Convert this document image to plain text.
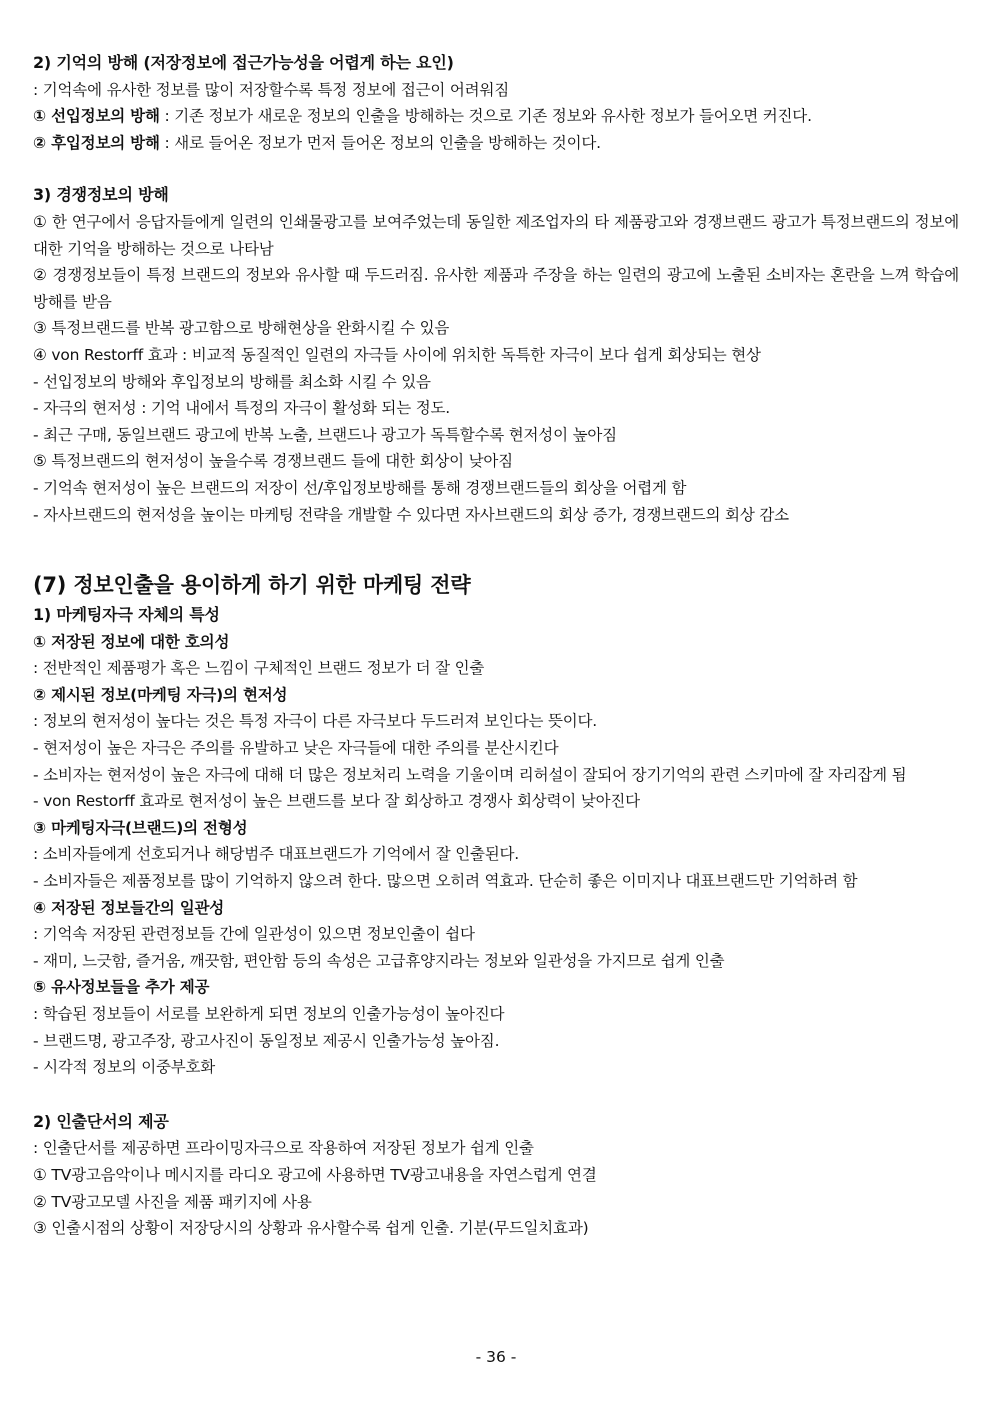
2) 기억의 방해 (저장정보에 접근가능성을 어렵게 하는 요인)

: 기억속에 유사한 정보를 많이 저장할수록 특정 정보에 접근이 어려워짐

① 선입정보의 방해 : 기존 정보가 새로운 정보의 인출을 방해하는 것으로 기존 정보와 유사한 정보가 들어오면 커진다.

② 후입정보의 방해 : 새로 들어온 정보가 먼저 들어온 정보의 인출을 방해하는 것이다.

3) 경쟁정보의 방해

① 한 연구에서 응답자들에게 일련의 인쇄물광고를 보여주었는데 동일한 제조업자의 타 제품광고와 경쟁브랜드 광고가 특정브랜드의 정보에 대한 기억을 방해하는 것으로 나타남

② 경쟁정보들이 특정 브랜드의 정보와 유사할 때 두드러짐. 유사한 제품과 주장을 하는 일련의 광고에 노출된 소비자는 혼란을 느껴 학습에 방해를 받음

③ 특정브랜드를 반복 광고함으로 방해현상을 완화시킬 수 있음

④ von Restorff 효과 : 비교적 동질적인 일련의 자극들 사이에 위치한 독특한 자극이 보다 쉽게 회상되는 현상

- 선입정보의 방해와 후입정보의 방해를 최소화 시킬 수 있음

- 자극의 현저성 : 기억 내에서 특정의 자극이 활성화 되는 정도.

- 최근 구매, 동일브랜드 광고에 반복 노출, 브랜드나 광고가 독특할수록 현저성이 높아짐

⑤ 특정브랜드의 현저성이 높을수록 경쟁브랜드 들에 대한 회상이 낮아짐

- 기억속 현저성이 높은 브랜드의 저장이 선/후입정보방해를 통해 경쟁브랜드들의 회상을 어렵게 함

- 자사브랜드의 현저성을 높이는 마케팅 전략을 개발할 수 있다면 자사브랜드의 회상 증가, 경쟁브랜드의 회상 감소

(7) 정보인출을 용이하게 하기 위한 마케팅 전략

1) 마케팅자극 자체의 특성

① 저장된 정보에 대한 호의성

: 전반적인 제품평가 혹은 느낌이 구체적인 브랜드 정보가 더 잘 인출

② 제시된 정보(마케팅 자극)의 현저성

: 정보의 현저성이 높다는 것은 특정 자극이 다른 자극보다 두드러져 보인다는 뜻이다.

- 현저성이 높은 자극은 주의를 유발하고 낮은 자극들에 대한 주의를 분산시킨다

- 소비자는 현저성이 높은 자극에 대해 더 많은 정보처리 노력을 기울이며 리허설이 잘되어 장기기억의 관련 스키마에 잘 자리잡게 됨

- von Restorff 효과로 현저성이 높은 브랜드를 보다 잘 회상하고 경쟁사 회상력이 낮아진다

③ 마케팅자극(브랜드)의 전형성

: 소비자들에게 선호되거나 해당범주 대표브랜드가 기억에서 잘 인출된다.

- 소비자들은 제품정보를 많이 기억하지 않으려 한다. 많으면 오히려 역효과. 단순히 좋은 이미지나 대표브랜드만 기억하려 함

④ 저장된 정보들간의 일관성

: 기억속 저장된 관련정보들 간에 일관성이 있으면 정보인출이 쉽다

- 재미, 느긋함, 즐거움, 깨끗함, 편안함 등의 속성은 고급휴양지라는 정보와 일관성을 가지므로 쉽게 인출

⑤ 유사정보들을 추가 제공

: 학습된 정보들이 서로를 보완하게 되면 정보의 인출가능성이 높아진다

- 브랜드명, 광고주장, 광고사진이 동일정보 제공시 인출가능성 높아짐.

- 시각적 정보의 이중부호화

2) 인출단서의 제공

: 인출단서를 제공하면 프라이밍자극으로 작용하여 저장된 정보가 쉽게 인출

① TV광고음악이나 메시지를 라디오 광고에 사용하면 TV광고내용을 자연스럽게 연결

② TV광고모델 사진을 제품 패키지에 사용

③ 인출시점의 상황이 저장당시의 상황과 유사할수록 쉽게 인출. 기분(무드일치효과)

- 36 -
